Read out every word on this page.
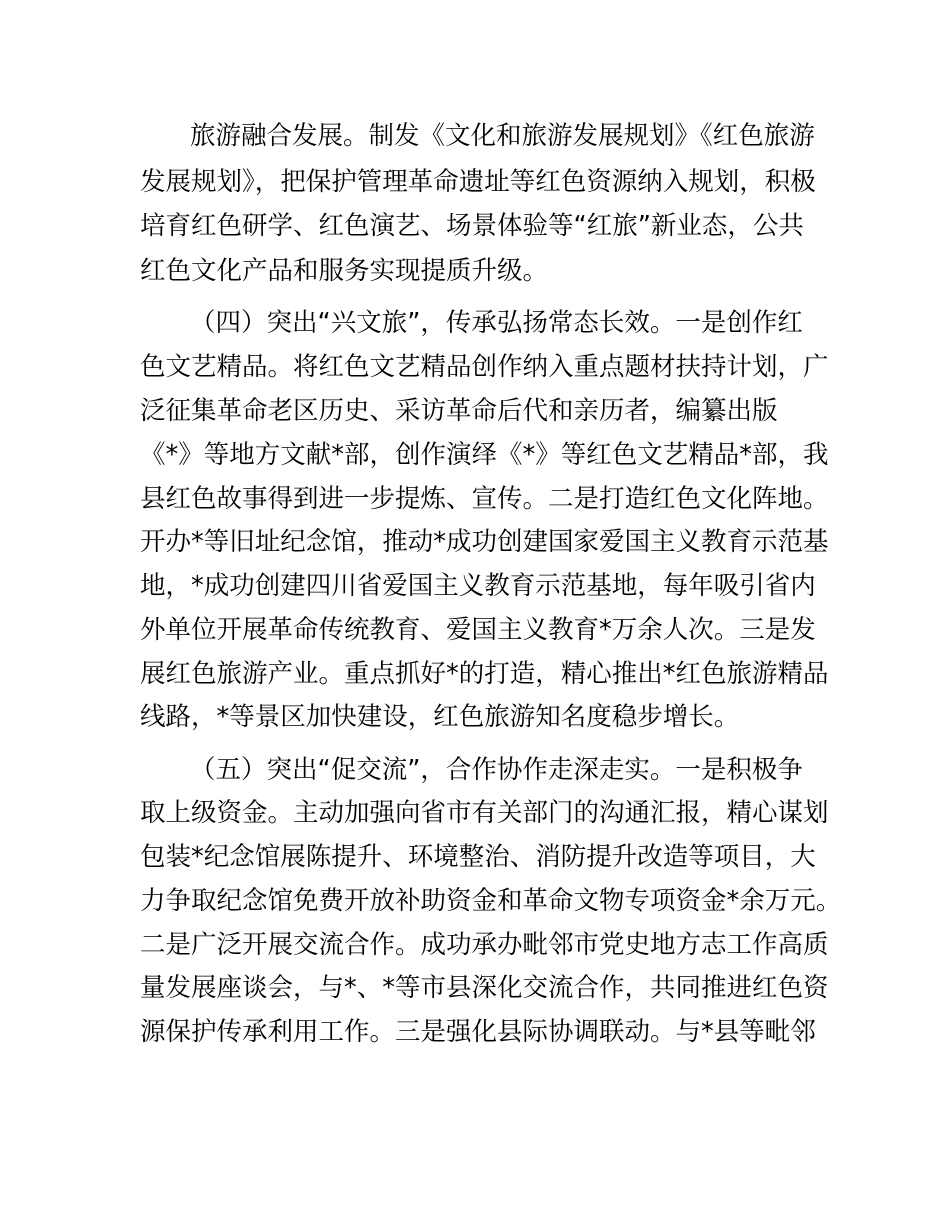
旅游融合发展。制发《文化和旅游发展规划》《红色旅游
发展规划》，把保护管理革命遗址等红色资源纳入规划，积极
培育红色研学、红色演艺、场景体验等“红旅”新业态，公共
红色文化产品和服务实现提质升级。
（四）突出“兴文旅”，传承弘扬常态长效。一是创作红
色文艺精品。将红色文艺精品创作纳入重点题材扶持计划，广
泛征集革命老区历史、采访革命后代和亲历者，编纂出版
《*》等地方文献*部，创作演绎《*》等红色文艺精品*部，我
县红色故事得到进一步提炼、宣传。二是打造红色文化阵地。
开办*等旧址纪念馆，推动*成功创建国家爱国主义教育示范基
地，*成功创建四川省爱国主义教育示范基地，每年吸引省内
外单位开展革命传统教育、爱国主义教育*万余人次。三是发
展红色旅游产业。重点抓好*的打造，精心推出*红色旅游精品
线路，*等景区加快建设，红色旅游知名度稳步增长。
（五）突出“促交流”，合作协作走深走实。一是积极争
取上级资金。主动加强向省市有关部门的沟通汇报，精心谋划
包装*纪念馆展陈提升、环境整治、消防提升改造等项目，大
力争取纪念馆免费开放补助资金和革命文物专项资金*余万元。
二是广泛开展交流合作。成功承办毗邻市党史地方志工作高质
量发展座谈会，与*、*等市县深化交流合作，共同推进红色资
源保护传承利用工作。三是强化县际协调联动。与*县等毗邻
